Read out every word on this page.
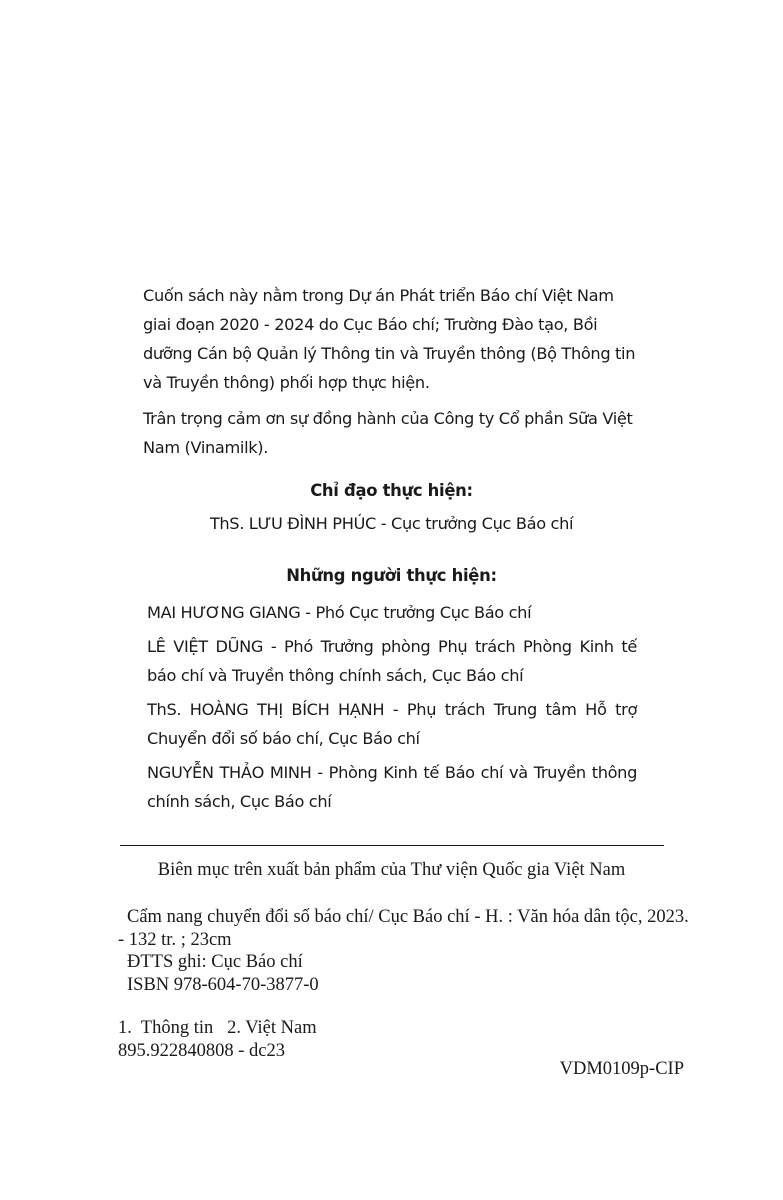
Cuốn sách này nằm trong Dự án Phát triển Báo chí Việt Nam giai đoạn 2020 - 2024 do Cục Báo chí; Trường Đào tạo, Bồi dưỡng Cán bộ Quản lý Thông tin và Truyền thông (Bộ Thông tin và Truyền thông) phối hợp thực hiện.

Trân trọng cảm ơn sự đồng hành của Công ty Cổ phần Sữa Việt Nam (Vinamilk).

Chỉ đạo thực hiện:
ThS. LƯU ĐÌNH PHÚC - Cục trưởng Cục Báo chí
Những người thực hiện:
MAI HƯƠNG GIANG - Phó Cục trưởng Cục Báo chí
LÊ VIỆT DŨNG - Phó Trưởng phòng Phụ trách Phòng Kinh tế báo chí và Truyền thông chính sách, Cục Báo chí
ThS. HOÀNG THỊ BÍCH HẠNH - Phụ trách Trung tâm Hỗ trợ Chuyển đổi số báo chí, Cục Báo chí
NGUYỄN THẢO MINH - Phòng Kinh tế Báo chí và Truyền thông chính sách, Cục Báo chí
Biên mục trên xuất bản phẩm của Thư viện Quốc gia Việt Nam
Cẩm nang chuyển đổi số báo chí/ Cục Báo chí - H. : Văn hóa dân tộc, 2023.
- 132 tr. ; 23cm
ĐTTS ghi: Cục Báo chí
ISBN 978-604-70-3877-0
1.  Thông tin   2. Việt Nam
895.922840808 - dc23
VDM0109p-CIP
